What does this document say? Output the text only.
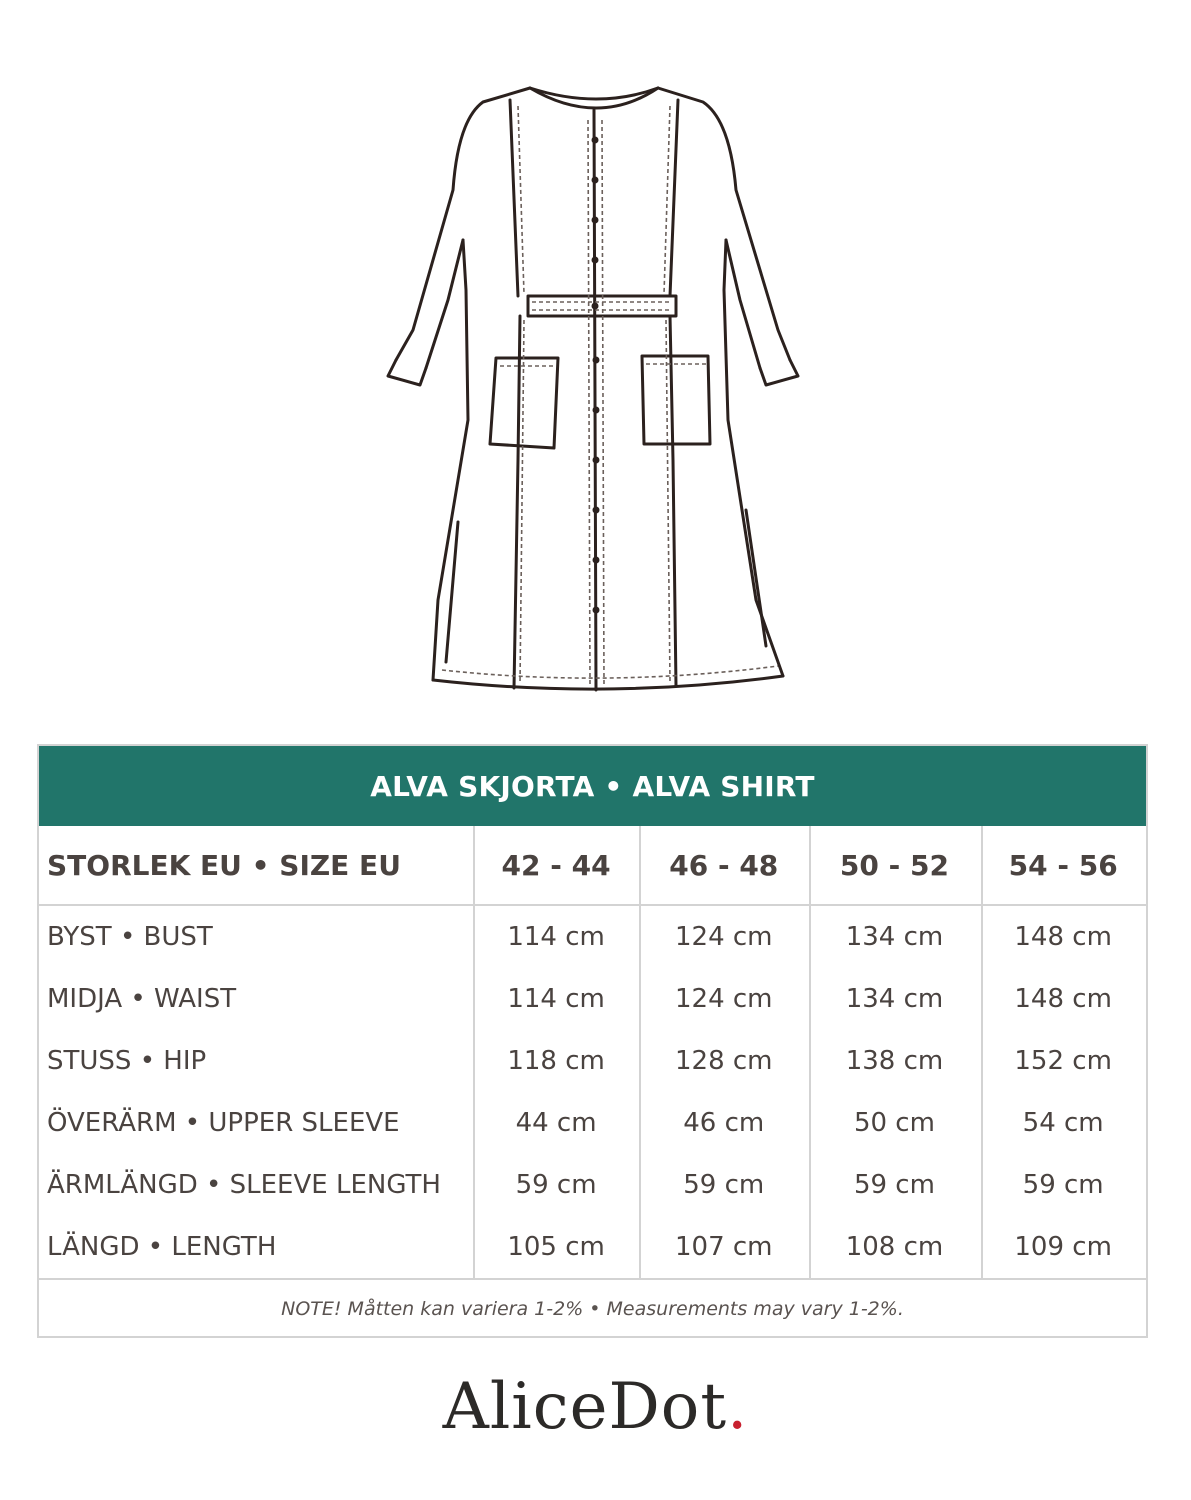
ALVA SKJORTA • ALVA SHIRT
STORLEK EU • SIZE EU	42 - 44	46 - 48	50 - 52	54 - 56
BYST • BUST	114 cm	124 cm	134 cm	148 cm
MIDJA • WAIST	114 cm	124 cm	134 cm	148 cm
STUSS • HIP	118 cm	128 cm	138 cm	152 cm
ÖVERÄRM • UPPER SLEEVE	44 cm	46 cm	50 cm	54 cm
ÄRMLÄNGD • SLEEVE LENGTH	59 cm	59 cm	59 cm	59 cm
LÄNGD • LENGTH	105 cm	107 cm	108 cm	109 cm
NOTE! Måtten kan variera 1-2% • Measurements may vary 1-2%.
AliceDot.
